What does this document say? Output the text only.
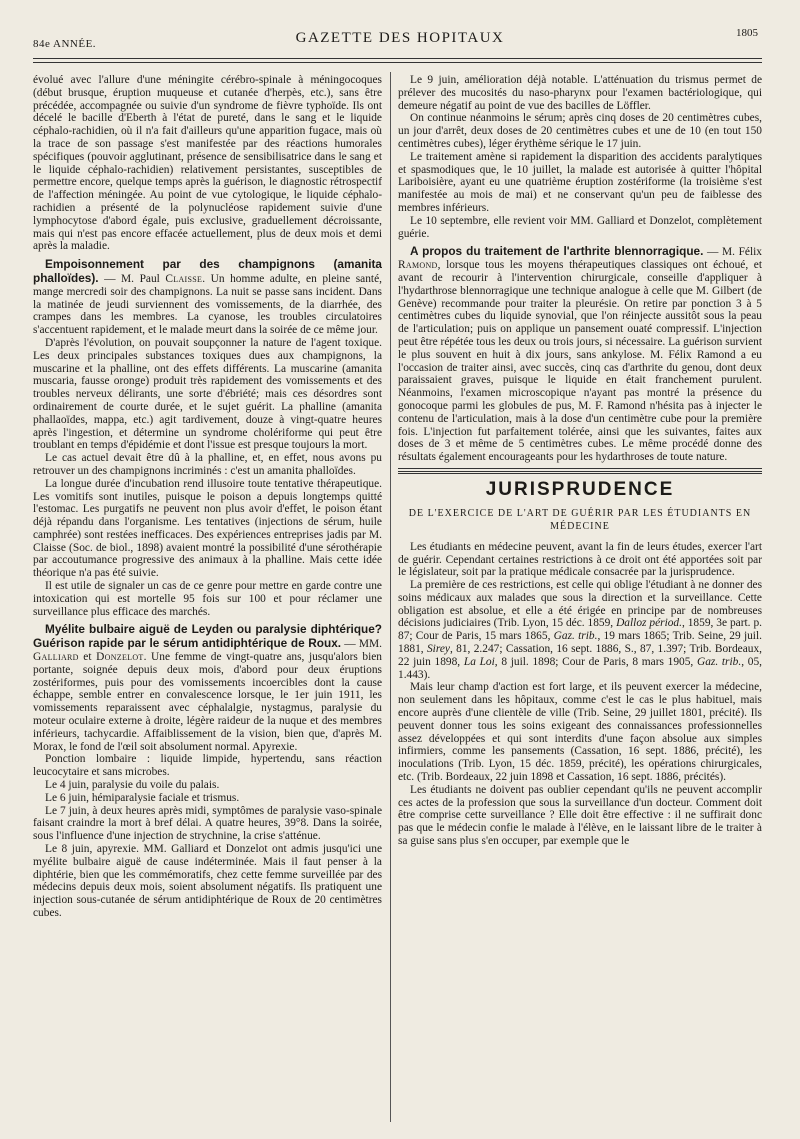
84e ANNÉE.	GAZETTE DES HOPITAUX	1805

évolué avec l'allure d'une méningite cérébro-spinale à méningocoques (début brusque, éruption muqueuse et cutanée d'herpès, etc.), sans être précédée, accompagnée ou suivie d'un syndrome de fièvre typhoïde. Ils ont décelé le bacille d'Eberth à l'état de pureté, dans le sang et le liquide céphalo-rachidien, où il n'a fait d'ailleurs qu'une apparition fugace, mais où la trace de son passage s'est manifestée par des réactions humorales spécifiques (pouvoir agglutinant, présence de sensibilisatrice dans le sang et le liquide céphalo-rachidien) relativement persistantes, susceptibles de permettre encore, quelque temps après la guérison, le diagnostic rétrospectif de l'affection méningée. Au point de vue cytologique, le liquide céphalo-rachidien a présenté de la polynucléose rapidement suivie d'une lymphocytose d'abord égale, puis exclusive, graduellement décroissante, mais qui n'est pas encore effacée actuellement, plus de deux mois et demi après la maladie.

Empoisonnement par des champignons (amanita phalloïdes). — M. Paul Claisse. Un homme adulte, en pleine santé, mange mercredi soir des champignons. La nuit se passe sans incident. Dans la matinée de jeudi surviennent des vomissements, de la diarrhée, des crampes dans les membres. La cyanose, les troubles circulatoires s'accentuent rapidement, et le malade meurt dans la soirée de ce même jour.

D'après l'évolution, on pouvait soupçonner la nature de l'agent toxique. Les deux principales substances toxiques dues aux champignons, la muscarine et la phalline, ont des effets différents. La muscarine (amanita muscaria, fausse oronge) produit très rapidement des vomissements et des troubles nerveux délirants, une sorte d'ébriété; mais ces désordres sont ordinairement de courte durée, et le sujet guérit. La phalline (amanita phallaoïdes, mappa, etc.) agit tardivement, douze à vingt-quatre heures après l'ingestion, et détermine un syndrome cholériforme qui peut être troublant en temps d'épidémie et dont l'issue est presque toujours la mort.

Le cas actuel devait être dû à la phalline, et, en effet, nous avons pu retrouver un des champignons incriminés : c'est un amanita phalloïdes.

La longue durée d'incubation rend illusoire toute tentative thérapeutique. Les vomitifs sont inutiles, puisque le poison a depuis longtemps quitté l'estomac. Les purgatifs ne peuvent non plus avoir d'effet, le poison étant déjà répandu dans l'organisme. Les tentatives (injections de sérum, huile camphrée) sont restées inefficaces. Des expériences entreprises jadis par M. Claisse (Soc. de biol., 1898) avaient montré la possibilité d'une sérothérapie par accoutumance progressive des animaux à la phalline. Mais cette idée théorique n'a pas été suivie.

Il est utile de signaler un cas de ce genre pour mettre en garde contre une intoxication qui est mortelle 95 fois sur 100 et pour réclamer une surveillance plus efficace des marchés.

Myélite bulbaire aiguë de Leyden ou paralysie diphtérique? Guérison rapide par le sérum antidiphtérique de Roux. — MM. Galliard et Donzelot. Une femme de vingt-quatre ans, jusqu'alors bien portante, soignée depuis deux mois, d'abord pour deux éruptions zostériformes, puis pour des vomissements incoercibles dont la cause échappe, semble entrer en convalescence lorsque, le 1er juin 1911, les vomissements reparaissent avec céphalalgie, nystagmus, paralysie du moteur oculaire externe à droite, légère raideur de la nuque et des membres inférieurs, tachycardie. Affaiblissement de la vision, bien que, d'après M. Morax, le fond de l'œil soit absolument normal. Apyrexie.

Ponction lombaire : liquide limpide, hypertendu, sans réaction leucocytaire et sans microbes.

Le 4 juin, paralysie du voile du palais.

Le 6 juin, hémiparalysie faciale et trismus.

Le 7 juin, à deux heures après midi, symptômes de paralysie vaso-spinale faisant craindre la mort à bref délai. A quatre heures, 39°8. Dans la soirée, sous l'influence d'une injection de strychnine, la crise s'atténue.

Le 8 juin, apyrexie. MM. Galliard et Donzelot ont admis jusqu'ici une myélite bulbaire aiguë de cause indéterminée. Mais il faut penser à la diphtérie, bien que les commémoratifs, chez cette femme surveillée par des médecins depuis deux mois, soient absolument négatifs. Ils pratiquent une injection sous-cutanée de sérum antidiphtérique de Roux de 20 centimètres cubes.

Le 9 juin, amélioration déjà notable. L'atténuation du trismus permet de prélever des mucosités du naso-pharynx pour l'examen bactériologique, qui demeure négatif au point de vue des bacilles de Löffler.

On continue néanmoins le sérum; après cinq doses de 20 centimètres cubes, un jour d'arrêt, deux doses de 20 centimètres cubes et une de 10 (en tout 150 centimètres cubes), léger érythème sérique le 17 juin.

Le traitement amène si rapidement la disparition des accidents paralytiques et spasmodiques que, le 10 juillet, la malade est autorisée à quitter l'hôpital Lariboisière, ayant eu une quatrième éruption zostériforme (la troisième s'est manifestée au mois de mai) et ne conservant qu'un peu de faiblesse des membres inférieurs.

Le 10 septembre, elle revient voir MM. Galliard et Donzelot, complètement guérie.

A propos du traitement de l'arthrite blennorragique. — M. Félix Ramond, lorsque tous les moyens thérapeutiques classiques ont échoué, et avant de recourir à l'intervention chirurgicale, conseille d'appliquer à l'hydarthrose blennorragique une technique analogue à celle que M. Gilbert (de Genève) recommande pour traiter la pleurésie. On retire par ponction 3 à 5 centimètres cubes du liquide synovial, que l'on réinjecte aussitôt sous la peau de l'articulation; puis on applique un pansement ouaté compressif. L'injection peut être répétée tous les deux ou trois jours, si nécessaire. La guérison survient le plus souvent en huit à dix jours, sans ankylose. M. Félix Ramond a eu l'occasion de traiter ainsi, avec succès, cinq cas d'arthrite du genou, dont deux paraissaient graves, puisque le liquide en était franchement purulent. Néanmoins, l'examen microscopique n'ayant pas montré la présence du gonocoque parmi les globules de pus, M. F. Ramond n'hésita pas à injecter le contenu de l'articulation, mais à la dose d'un centimètre cube pour la première fois. L'injection fut parfaitement tolérée, ainsi que les suivantes, faites aux doses de 3 et même de 5 centimètres cubes. Le même procédé donne des résultats également encourageants pour les hydarthroses de toute nature.

JURISPRUDENCE
DE L'EXERCICE DE L'ART DE GUÉRIR PAR LES ÉTUDIANTS EN MÉDECINE

Les étudiants en médecine peuvent, avant la fin de leurs études, exercer l'art de guérir. Cependant certaines restrictions à ce droit ont été apportées soit par le législateur, soit par la pratique médicale consacrée par la jurisprudence.

La première de ces restrictions, est celle qui oblige l'étudiant à ne donner des soins médicaux aux malades que sous la direction et la surveillance. Cette obligation est absolue, et elle a été érigée en principe par de nombreuses décisions judiciaires (Trib. Lyon, 15 déc. 1859, Dalloz périod., 1859, 3e part. p. 87; Cour de Paris, 15 mars 1865, Gaz. trib., 19 mars 1865; Trib. Seine, 29 juil. 1881, Sirey, 81, 2.247; Cassation, 16 sept. 1886, S., 87, 1.397; Trib. Bordeaux, 22 juin 1898, La Loi, 8 juil. 1898; Cour de Paris, 8 mars 1905, Gaz. trib., 05, 1.443).

Mais leur champ d'action est fort large, et ils peuvent exercer la médecine, non seulement dans les hôpitaux, comme c'est le cas le plus habituel, mais encore auprès d'une clientèle de ville (Trib. Seine, 29 juillet 1801, précité). Ils peuvent donner tous les soins exigeant des connaissances professionnelles assez développées et qui sont interdits d'une façon absolue aux simples infirmiers, comme les pansements (Cassation, 16 sept. 1886, précité), les inoculations (Trib. Lyon, 15 déc. 1859, précité), les opérations chirurgicales, etc. (Trib. Bordeaux, 22 juin 1898 et Cassation, 16 sept. 1886, précités).

Les étudiants ne doivent pas oublier cependant qu'ils ne peuvent accomplir ces actes de la profession que sous la surveillance d'un docteur. Comment doit être comprise cette surveillance ? Elle doit être effective : il ne suffirait donc pas que le médecin confie le malade à l'élève, en le laissant libre de le traiter à sa guise sans plus s'en occuper, par exemple que le
